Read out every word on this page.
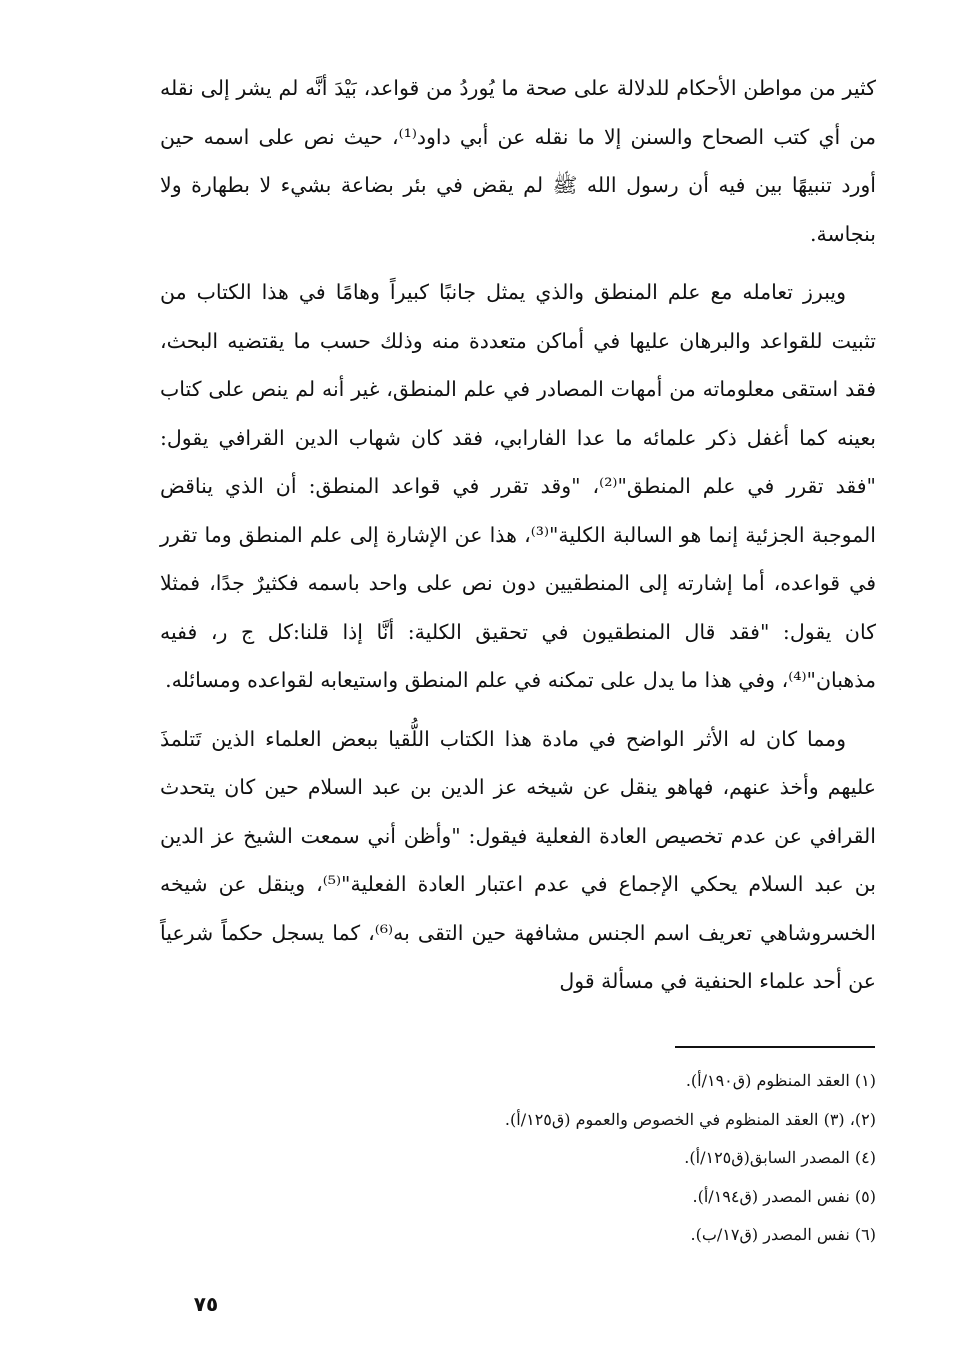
كثير من مواطن الأحكام للدلالة على صحة ما يُوردُ من قواعد، بَيْدَ أنَّه لم يشر إلى نقله من أي كتب الصحاح والسنن إلا ما نقله عن أبي داود⁽¹⁾، حيث نص على اسمه حين أورد تنبيهًا بين فيه أن رسول الله ﷺ لم يقض في بئر بضاعة بشيء لا بطهارة ولا بنجاسة.

ويبرز تعامله مع علم المنطق والذي يمثل جانبًا كبيراً وهامًا في هذا الكتاب من تثبيت للقواعد والبرهان عليها في أماكن متعددة منه وذلك حسب ما يقتضيه البحث، فقد استقى معلوماته من أمهات المصادر في علم المنطق، غير أنه لم ينص على كتاب بعينه كما أغفل ذكر علمائه ما عدا الفارابي، فقد كان شهاب الدين القرافي يقول: "فقد تقرر في علم المنطق"⁽²⁾، "وقد تقرر في قواعد المنطق: أن الذي يناقض الموجبة الجزئية إنما هو السالبة الكلية"⁽³⁾، هذا عن الإشارة إلى علم المنطق وما تقرر في قواعده، أما إشارته إلى المنطقيين دون نص على واحد باسمه فكثيرٌ جدًا، فمثلا كان يقول: "فقد قال المنطقيون في تحقيق الكلية: أنَّا إذا قلنا:كل ج ر، ففيه مذهبان"⁽⁴⁾، وفي هذا ما يدل على تمكنه في علم المنطق واستيعابه لقواعده ومسائله.

ومما كان له الأثر الواضح في مادة هذا الكتاب اللُّقيا ببعض العلماء الذين تَتلمذَ عليهم وأخذ عنهم، فهاهو ينقل عن شيخه عز الدين بن عبد السلام حين كان يتحدث القرافي عن عدم تخصيص العادة الفعلية فيقول: "وأظن أني سمعت الشيخ عز الدين بن عبد السلام يحكي الإجماع في عدم اعتبار العادة الفعلية"⁽⁵⁾، وينقل عن شيخه الخسروشاهي تعريف اسم الجنس مشافهة حين التقى به⁽⁶⁾، كما يسجل حكماً شرعياً عن أحد علماء الحنفية في مسألة قول

(١) العقد المنظوم (ق١٩٠/أ).
(٢)، (٣) العقد المنظوم في الخصوص والعموم (ق١٢٥/أ).
(٤) المصدر السابق(ق١٢٥/أ).
(٥) نفس المصدر (ق١٩٤/أ).
(٦) نفس المصدر (ق١٧/ب).
٧٥
